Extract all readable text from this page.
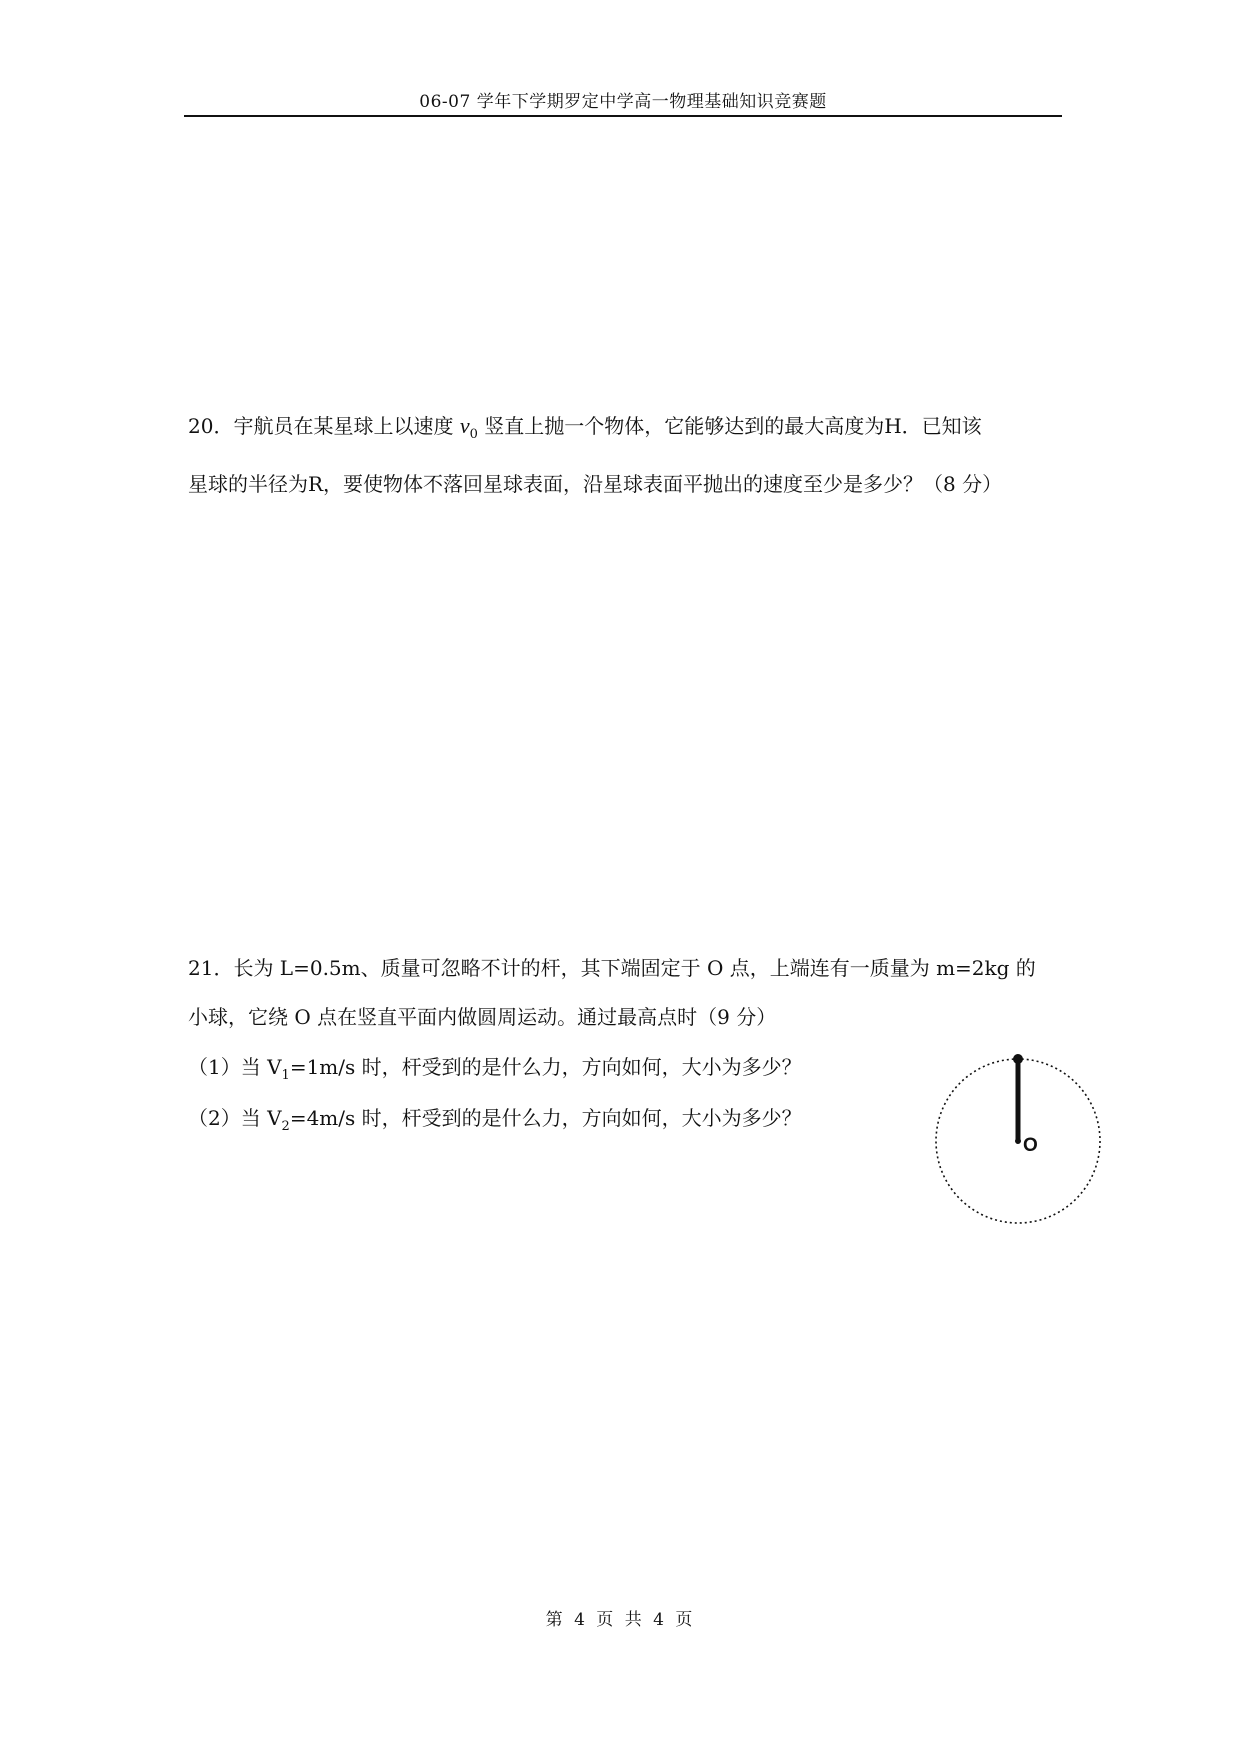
06-07 学年下学期罗定中学高一物理基础知识竞赛题
20．宇航员在某星球上以速度 $v_0$ 竖直上抛一个物体，它能够达到的最大高度为H．已知该
星球的半径为R，要使物体不落回星球表面，沿星球表面平抛出的速度至少是多少？（8 分）
21．长为 L=0.5m、质量可忽略不计的杆，其下端固定于 O 点，上端连有一质量为 m=2kg 的
小球，它绕 O 点在竖直平面内做圆周运动。通过最高点时（9 分）
（1）当 $V_1=1m/s$ 时，杆受到的是什么力，方向如何，大小为多少？
（2）当 $V_2=4m/s$ 时，杆受到的是什么力，方向如何，大小为多少？
O
第 4 页 共 4 页
